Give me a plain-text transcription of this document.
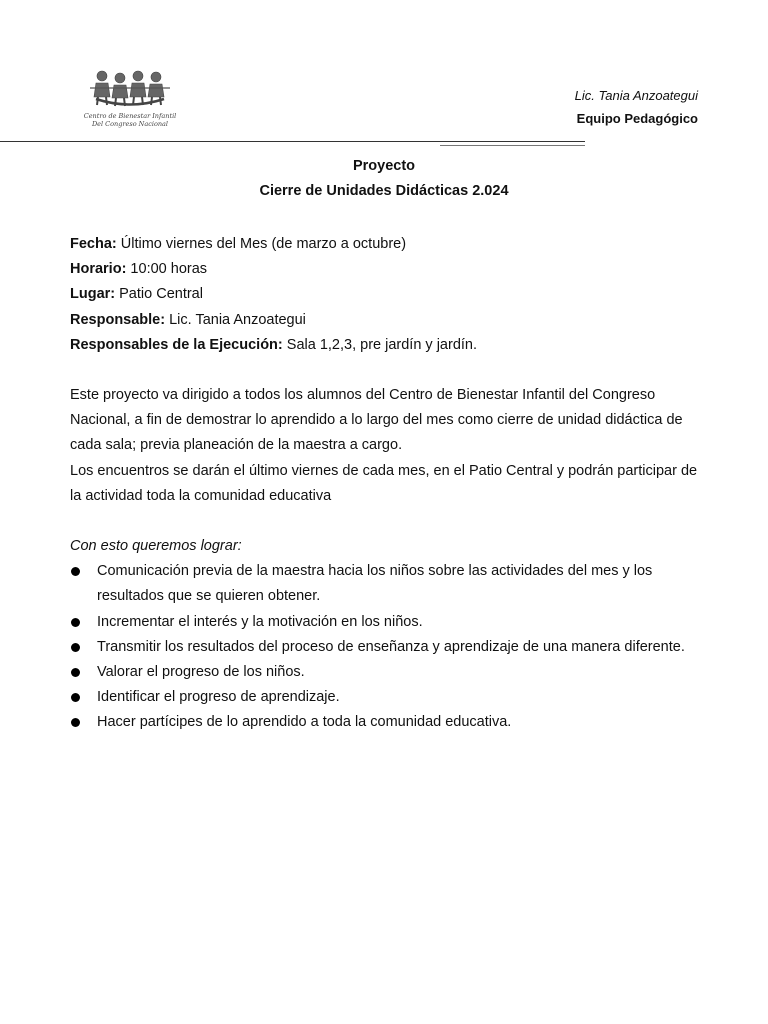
Centro de Bienestar Infantil
Del Congreso Nacional
Lic. Tania Anzoategui
Equipo Pedagógico
Proyecto
Cierre de Unidades Didácticas 2.024
Fecha: Último viernes del Mes (de marzo a octubre)
Horario: 10:00 horas
Lugar: Patio Central
Responsable: Lic. Tania Anzoategui
Responsables de la Ejecución: Sala 1,2,3, pre jardín y jardín.
Este proyecto va dirigido a todos los alumnos del Centro de Bienestar Infantil del Congreso Nacional, a fin de demostrar lo aprendido a lo largo del mes como cierre de unidad didáctica de cada sala; previa planeación de la maestra a cargo.
Los encuentros se darán el último viernes de cada mes, en el Patio Central y podrán participar de la actividad toda la comunidad educativa
Con esto queremos lograr:
Comunicación previa de la maestra hacia los niños sobre las actividades del mes y los resultados que se quieren obtener.
Incrementar el interés y la motivación en los niños.
Transmitir los resultados del proceso de enseñanza y aprendizaje de una manera diferente.
Valorar el progreso de los niños.
Identificar el progreso de aprendizaje.
Hacer partícipes de lo aprendido a toda la comunidad educativa.
